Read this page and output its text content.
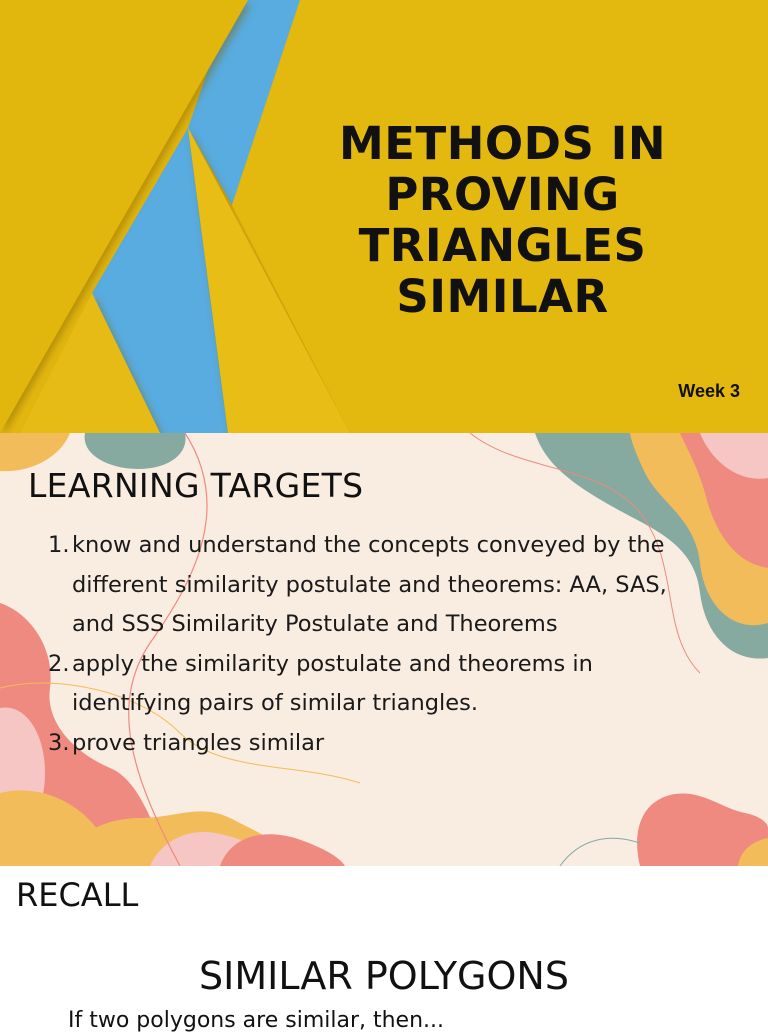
METHODS IN
PROVING
TRIANGLES
SIMILAR
Week 3
LEARNING TARGETS
1. know and understand the concepts conveyed by the different similarity postulate and theorems: AA, SAS, and SSS Similarity Postulate and Theorems
2. apply the similarity postulate and theorems in identifying pairs of similar triangles.
3. prove triangles similar
RECALL
SIMILAR POLYGONS
If two polygons are similar, then...
